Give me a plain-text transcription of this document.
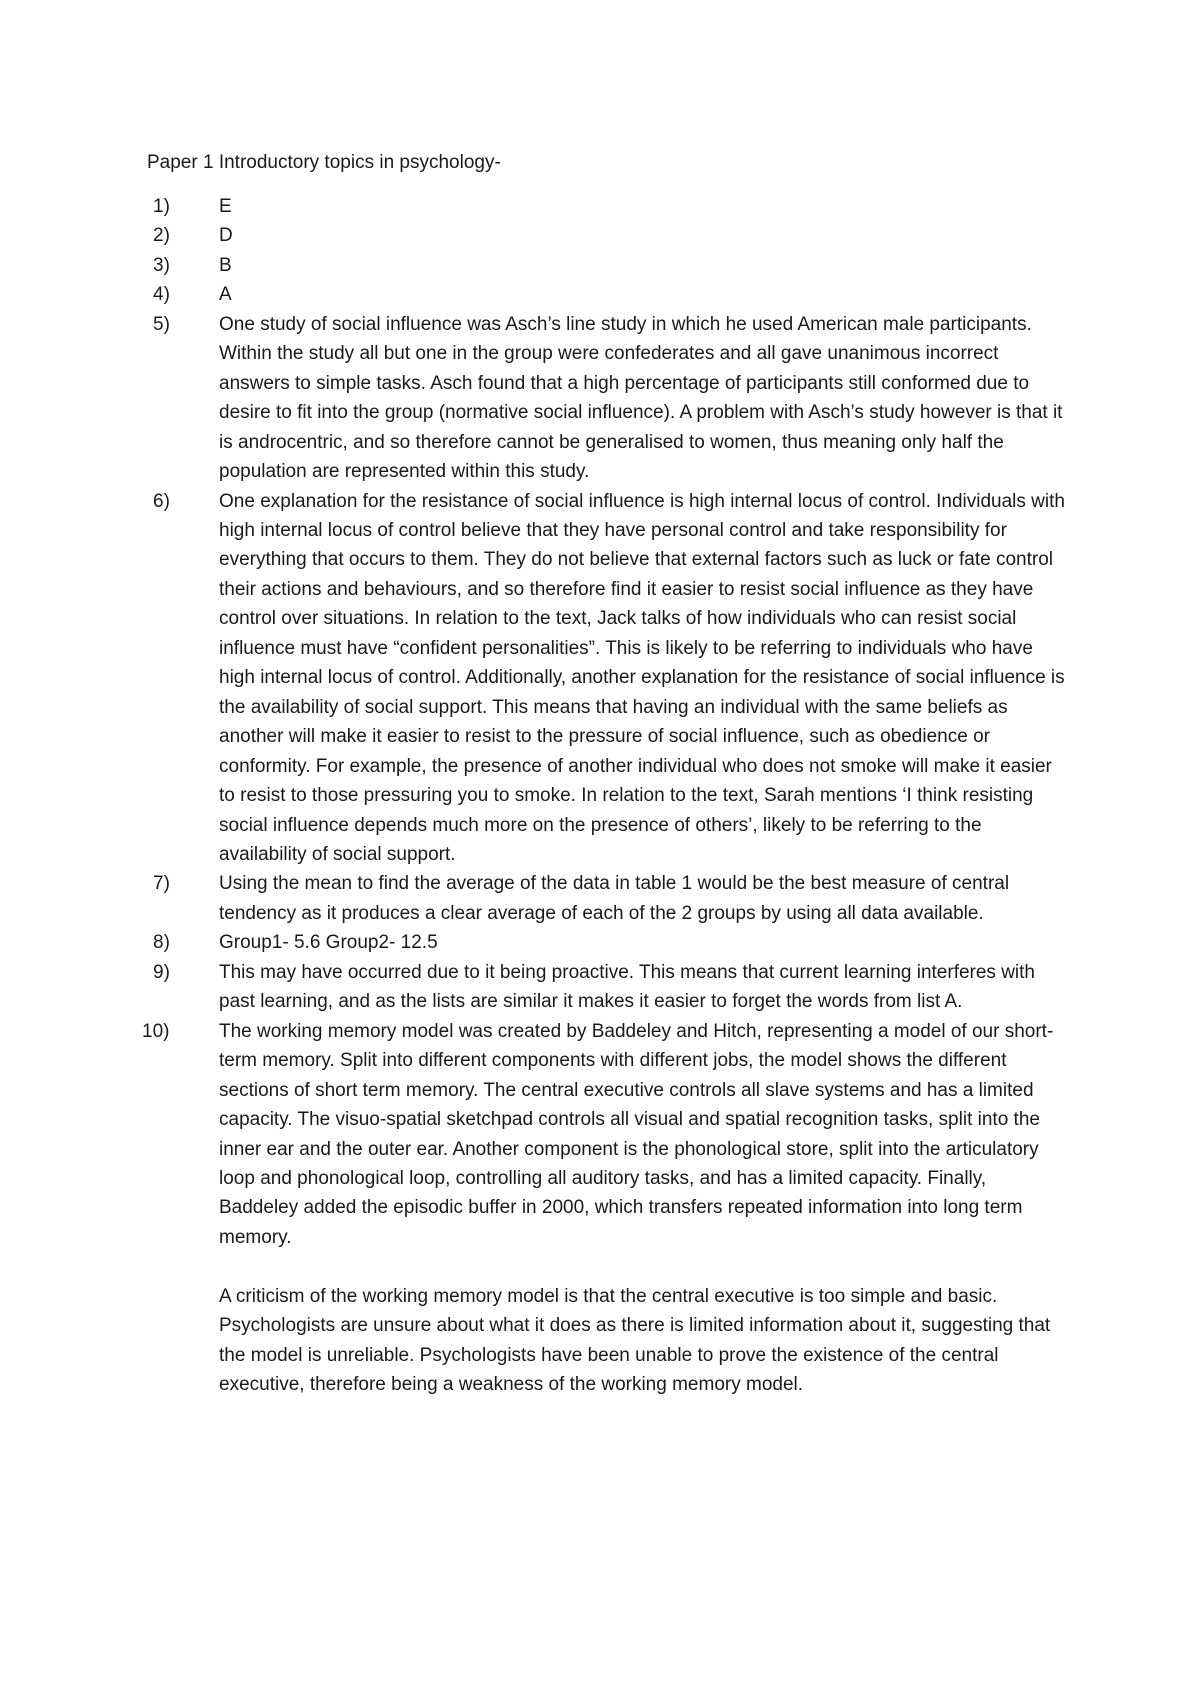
Paper 1 Introductory topics in psychology-
1)	E

2)	D

3)	B

4)	A

5)	One study of social influence was Asch’s line study in which he used American male participants. Within the study all but one in the group were confederates and all gave unanimous incorrect answers to simple tasks. Asch found that a high percentage of participants still conformed due to desire to fit into the group (normative social influence). A problem with Asch’s study however is that it is androcentric, and so therefore cannot be generalised to women, thus meaning only half the population are represented within this study.

6)	One explanation for the resistance of social influence is high internal locus of control. Individuals with high internal locus of control believe that they have personal control and take responsibility for everything that occurs to them. They do not believe that external factors such as luck or fate control their actions and behaviours, and so therefore find it easier to resist social influence as they have control over situations. In relation to the text, Jack talks of how individuals who can resist social influence must have “confident personalities”. This is likely to be referring to individuals who have high internal locus of control. Additionally, another explanation for the resistance of social influence is the availability of social support. This means that having an individual with the same beliefs as another will make it easier to resist to the pressure of social influence, such as obedience or conformity. For example, the presence of another individual who does not smoke will make it easier to resist to those pressuring you to smoke. In relation to the text, Sarah mentions ‘I think resisting social influence depends much more on the presence of others’, likely to be referring to the availability of social support.

7)	Using the mean to find the average of the data in table 1 would be the best measure of central tendency as it produces a clear average of each of the 2 groups by using all data available.

8)	Group1- 5.6 Group2- 12.5

9)	This may have occurred due to it being proactive. This means that current learning interferes with past learning, and as the lists are similar it makes it easier to forget the words from list A.

10)	The working memory model was created by Baddeley and Hitch, representing a model of our short-term memory. Split into different components with different jobs, the model shows the different sections of short term memory. The central executive controls all slave systems and has a limited capacity. The visuo-spatial sketchpad controls all visual and spatial recognition tasks, split into the inner ear and the outer ear. Another component is the phonological store, split into the articulatory loop and phonological loop, controlling all auditory tasks, and has a limited capacity. Finally, Baddeley added the episodic buffer in 2000, which transfers repeated information into long term memory.

A criticism of the working memory model is that the central executive is too simple and basic. Psychologists are unsure about what it does as there is limited information about it, suggesting that the model is unreliable. Psychologists have been unable to prove the existence of the central executive, therefore being a weakness of the working memory model.
